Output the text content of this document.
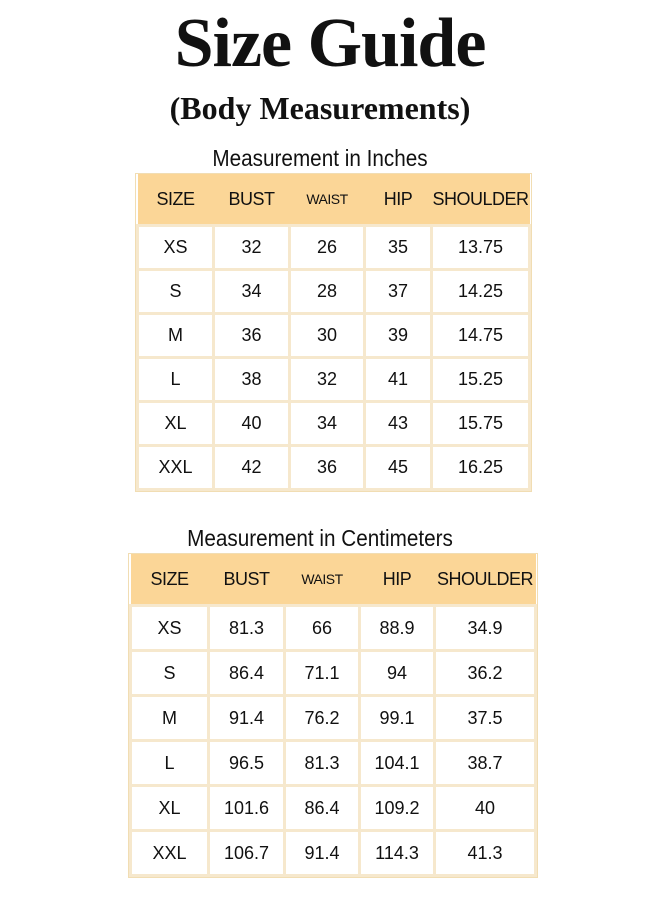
Size Guide
(Body Measurements)
Measurement in Inches
SIZE	BUST	WAIST	HIP	SHOULDER
XS	32	26	35	13.75
S	34	28	37	14.25
M	36	30	39	14.75
L	38	32	41	15.25
XL	40	34	43	15.75
XXL	42	36	45	16.25
Measurement in Centimeters
SIZE	BUST	WAIST	HIP	SHOULDER
XS	81.3	66	88.9	34.9
S	86.4	71.1	94	36.2
M	91.4	76.2	99.1	37.5
L	96.5	81.3	104.1	38.7
XL	101.6	86.4	109.2	40
XXL	106.7	91.4	114.3	41.3
